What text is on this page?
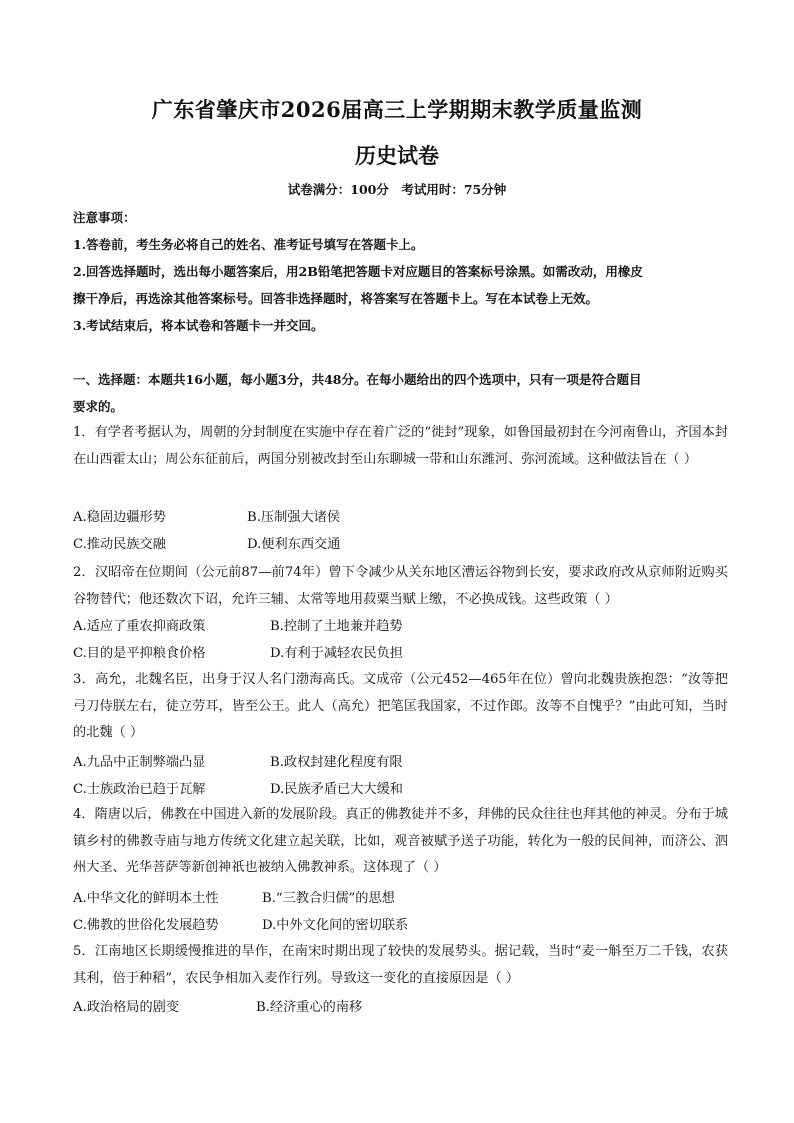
广东省肇庆市2026届高三上学期期末教学质量监测
历史试卷
试卷满分：100分　考试用时：75分钟
注意事项：
1.答卷前，考生务必将自己的姓名、准考证号填写在答题卡上。
2.回答选择题时，选出每小题答案后，用2B铅笔把答题卡对应题目的答案标号涂黑。如需改动，用橡皮
擦干净后，再选涂其他答案标号。回答非选择题时，将答案写在答题卡上。写在本试卷上无效。
3.考试结束后，将本试卷和答题卡一并交回。
一、选择题：本题共16小题，每小题3分，共48分。在每小题给出的四个选项中，只有一项是符合题目
要求的。
1．有学者考据认为，周朝的分封制度在实施中存在着广泛的“徙封”现象，如鲁国最初封在今河南鲁山，齐国本封在山西霍太山；周公东征前后，两国分别被改封至山东聊城一带和山东潍河、弥河流域。这种做法旨在（ ）
A.稳固边疆形势	B.压制强大诸侯
C.推动民族交融	D.便利东西交通
2．汉昭帝在位期间（公元前87—前74年）曾下令减少从关东地区漕运谷物到长安，要求政府改从京师附近购买谷物替代；他还数次下诏，允许三辅、太常等地用菽粟当赋上缴，不必换成钱。这些政策（ ）
A.适应了重农抑商政策	B.控制了土地兼并趋势
C.目的是平抑粮食价格	D.有利于减轻农民负担
3．高允，北魏名臣，出身于汉人名门渤海高氏。文成帝（公元452—465年在位）曾向北魏贵族抱怨：“汝等把弓刀侍朕左右，徒立劳耳，皆至公王。此人（高允）把笔匡我国家，不过作郎。汝等不自愧乎？”由此可知，当时的北魏（ ）
A.九品中正制弊端凸显	B.政权封建化程度有限
C.士族政治已趋于瓦解	D.民族矛盾已大大缓和
4．隋唐以后，佛教在中国进入新的发展阶段。真正的佛教徒并不多，拜佛的民众往往也拜其他的神灵。分布于城镇乡村的佛教寺庙与地方传统文化建立起关联，比如，观音被赋予送子功能，转化为一般的民间神，而济公、泗州大圣、光华菩萨等新创神祇也被纳入佛教神系。这体现了（ ）
A.中华文化的鲜明本土性	B.“三教合归儒”的思想
C.佛教的世俗化发展趋势	D.中外文化间的密切联系
5．江南地区长期缓慢推进的旱作，在南宋时期出现了较快的发展势头。据记载，当时“麦一斛至万二千钱，农获其利，倍于种稻”，农民争相加入麦作行列。导致这一变化的直接原因是（ ）
A.政治格局的剧变	B.经济重心的南移
